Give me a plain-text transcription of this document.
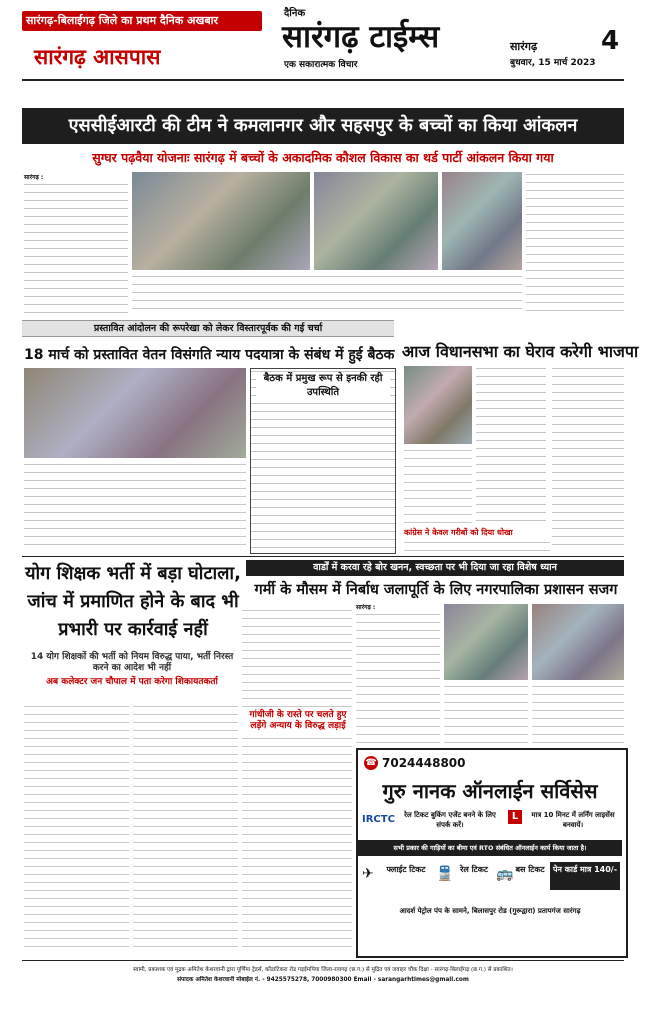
सारंगढ़-बिलाईगढ़ जिले का प्रथम दैनिक अखबार
सारंगढ़ आसपास
दैनिक
सारंगढ़ टाईम्स
एक सकारात्मक विचार
सारंगढ़
बुधवार, 15 मार्च 2023
4
एससीईआरटी की टीम ने कमलानगर और सहसपुर के बच्चों का किया आंकलन
सुग्घर पढ़वैया योजनाः सारंगढ़ में बच्चों के अकादमिक कौशल विकास का थर्ड पार्टी आंकलन किया गया
सारंगढ़ :
प्रस्तावित आंदोलन की रूपरेखा को लेकर विस्तारपूर्वक की गई चर्चा
18 मार्च को प्रस्तावित वेतन विसंगति न्याय पदयात्रा के संबंध में हुई बैठक
बैठक में प्रमुख रूप से इनकी रही उपस्थिति
आज विधानसभा का घेराव करेगी भाजपा
कांग्रेस ने केवल गरीबों को दिया धोखा
योग शिक्षक भर्ती में बड़ा घोटाला, जांच में प्रमाणित होने के बाद भी प्रभारी पर कार्रवाई नहीं
14 योग शिक्षकों की भर्ती को नियम विरुद्ध पाया, भर्ती निरस्त करने का आदेश भी नहीं
अब कलेक्टर जन चौपाल में पता करेगा शिकायतकर्ता
गांधीजी के रास्ते पर चलते हुए लड़ेंगे अन्याय के विरुद्ध लड़ाई
वार्डों में करवा रहे बोर खनन, स्वच्छता पर भी दिया जा रहा विशेष ध्यान
गर्मी के मौसम में निर्बाध जलापूर्ति के लिए नगरपालिका प्रशासन सजग
सारंगढ़ :
☎ 7024448800
गुरु नानक ऑनलाईन सर्विसेस
IRCTC	रेल टिकट बुकिंग एजेंट बनने के लिए संपर्क करें।
L	मात्र 10 मिनट में लर्निंग लाइसेंस बनवायें।
सभी प्रकार की गाड़ियों का बीमा एवं RTO संबंधित ऑनलाईन कार्य किया जाता है।
✈	फ्लाईट टिकट 🚆 रेल टिकट 🚌 बस टिकट पेन कार्ड मात्र 140/-
आदर्श पेट्रोल पंप के सामने, बिलासपुर रोड (गुरूद्वारा) प्रतापगंज सारंगढ़
स्वामी, प्रकाशक एवं मुद्रक अमितेश केशरवानी द्वारा पूर्णिमा ट्रेडर्स, कोंडाटिकरा रोड गड़ईमपिया जिला-रायगढ़ (छ.ग.) से मुद्रित एवं जवाहर चौक दिक्षा - सारंगढ़-बिलाईगढ़ (छ.ग.) से प्रकाशित।
संपादक अमितेश केशरवानी मोबाईल नं. - 9425575278, 7000980300 Email - sarangarhtimes@gmail.com
